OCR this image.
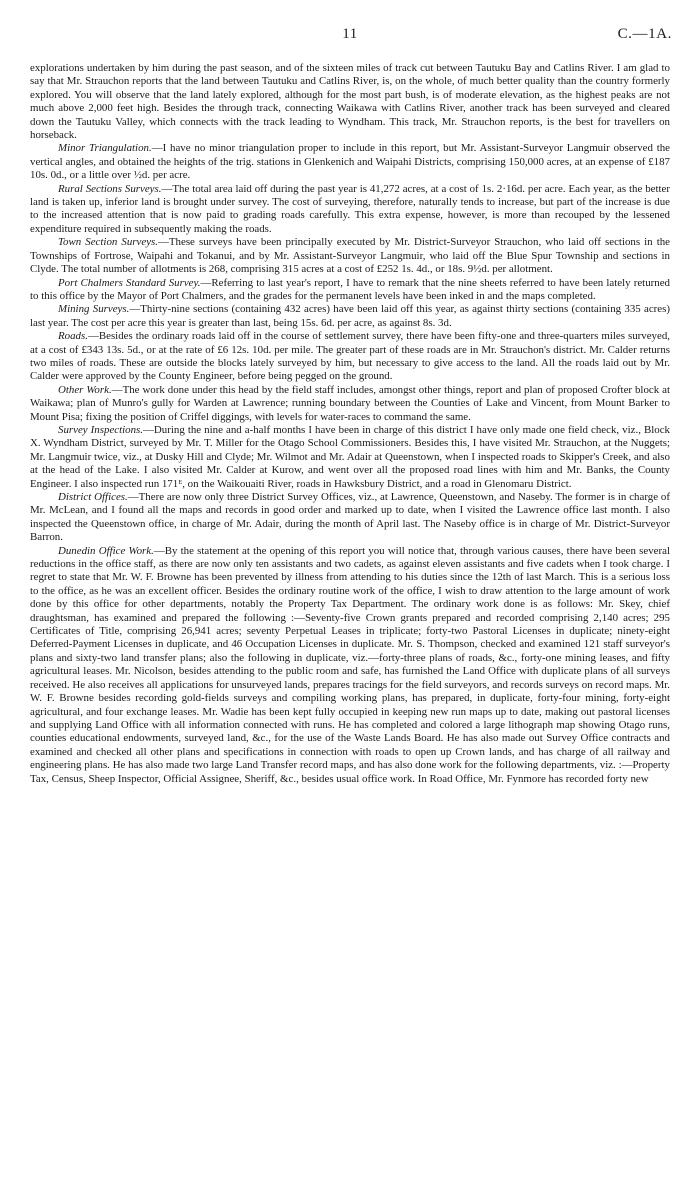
11	C.—1A.

explorations undertaken by him during the past season, and of the sixteen miles of track cut between Tautuku Bay and Catlins River. I am glad to say that Mr. Strauchon reports that the land between Tautuku and Catlins River, is, on the whole, of much better quality than the country formerly explored. You will observe that the land lately explored, although for the most part bush, is of moderate elevation, as the highest peaks are not much above 2,000 feet high. Besides the through track, connecting Waikawa with Catlins River, another track has been surveyed and cleared down the Tautuku Valley, which connects with the track leading to Wyndham. This track, Mr. Strauchon reports, is the best for travellers on horseback.

Minor Triangulation.—I have no minor triangulation proper to include in this report, but Mr. Assistant-Surveyor Langmuir observed the vertical angles, and obtained the heights of the trig. stations in Glenkenich and Waipahi Districts, comprising 150,000 acres, at an expense of £187 10s. 0d., or a little over ½d. per acre.

Rural Sections Surveys.—The total area laid off during the past year is 41,272 acres, at a cost of 1s. 2·16d. per acre. Each year, as the better land is taken up, inferior land is brought under survey. The cost of surveying, therefore, naturally tends to increase, but part of the increase is due to the increased attention that is now paid to grading roads carefully. This extra expense, however, is more than recouped by the lessened expenditure required in subsequently making the roads.

Town Section Surveys.—These surveys have been principally executed by Mr. District-Surveyor Strauchon, who laid off sections in the Townships of Fortrose, Waipahi and Tokanui, and by Mr. Assistant-Surveyor Langmuir, who laid off the Blue Spur Township and sections in Clyde. The total number of allotments is 268, comprising 315 acres at a cost of £252 1s. 4d., or 18s. 9½d. per allotment.

Port Chalmers Standard Survey.—Referring to last year's report, I have to remark that the nine sheets referred to have been lately returned to this office by the Mayor of Port Chalmers, and the grades for the permanent levels have been inked in and the maps completed.

Mining Surveys.—Thirty-nine sections (containing 432 acres) have been laid off this year, as against thirty sections (containing 335 acres) last year. The cost per acre this year is greater than last, being 15s. 6d. per acre, as against 8s. 3d.

Roads.—Besides the ordinary roads laid off in the course of settlement survey, there have been fifty-one and three-quarters miles surveyed, at a cost of £343 13s. 5d., or at the rate of £6 12s. 10d. per mile. The greater part of these roads are in Mr. Strauchon's district. Mr. Calder returns two miles of roads. These are outside the blocks lately surveyed by him, but necessary to give access to the land. All the roads laid out by Mr. Calder were approved by the County Engineer, before being pegged on the ground.

Other Work.—The work done under this head by the field staff includes, amongst other things, report and plan of proposed Crofter block at Waikawa; plan of Munro's gully for Warden at Lawrence; running boundary between the Counties of Lake and Vincent, from Mount Barker to Mount Pisa; fixing the position of Criffel diggings, with levels for water-races to command the same.

Survey Inspections.—During the nine and a-half months I have been in charge of this district I have only made one field check, viz., Block X. Wyndham District, surveyed by Mr. T. Miller for the Otago School Commissioners. Besides this, I have visited Mr. Strauchon, at the Nuggets; Mr. Langmuir twice, viz., at Dusky Hill and Clyde; Mr. Wilmot and Mr. Adair at Queenstown, when I inspected roads to Skipper's Creek, and also at the head of the Lake. I also visited Mr. Calder at Kurow, and went over all the proposed road lines with him and Mr. Banks, the County Engineer. I also inspected run 171ᴱ, on the Waikouaiti River, roads in Hawksbury District, and a road in Glenomaru District.

District Offices.—There are now only three District Survey Offices, viz., at Lawrence, Queenstown, and Naseby. The former is in charge of Mr. McLean, and I found all the maps and records in good order and marked up to date, when I visited the Lawrence office last month. I also inspected the Queenstown office, in charge of Mr. Adair, during the month of April last. The Naseby office is in charge of Mr. District-Surveyor Barron.

Dunedin Office Work.—By the statement at the opening of this report you will notice that, through various causes, there have been several reductions in the office staff, as there are now only ten assistants and two cadets, as against eleven assistants and five cadets when I took charge. I regret to state that Mr. W. F. Browne has been prevented by illness from attending to his duties since the 12th of last March. This is a serious loss to the office, as he was an excellent officer. Besides the ordinary routine work of the office, I wish to draw attention to the large amount of work done by this office for other departments, notably the Property Tax Department. The ordinary work done is as follows: Mr. Skey, chief draughtsman, has examined and prepared the following :—Seventy-five Crown grants prepared and recorded comprising 2,140 acres; 295 Certificates of Title, comprising 26,941 acres; seventy Perpetual Leases in triplicate; forty-two Pastoral Licenses in duplicate; ninety-eight Deferred-Payment Licenses in duplicate, and 46 Occupation Licenses in duplicate. Mr. S. Thompson, checked and examined 121 staff surveyor's plans and sixty-two land transfer plans; also the following in duplicate, viz.—forty-three plans of roads, &c., forty-one mining leases, and fifty agricultural leases. Mr. Nicolson, besides attending to the public room and safe, has furnished the Land Office with duplicate plans of all surveys received. He also receives all applications for unsurveyed lands, prepares tracings for the field surveyors, and records surveys on record maps. Mr. W. F. Browne besides recording gold-fields surveys and compiling working plans, has prepared, in duplicate, forty-four mining, forty-eight agricultural, and four exchange leases. Mr. Wadie has been kept fully occupied in keeping new run maps up to date, making out pastoral licenses and supplying Land Office with all information connected with runs. He has completed and colored a large lithograph map showing Otago runs, counties educational endowments, surveyed land, &c., for the use of the Waste Lands Board. He has also made out Survey Office contracts and examined and checked all other plans and specifications in connection with roads to open up Crown lands, and has charge of all railway and engineering plans. He has also made two large Land Transfer record maps, and has also done work for the following departments, viz. :—Property Tax, Census, Sheep Inspector, Official Assignee, Sheriff, &c., besides usual office work. In Road Office, Mr. Fynmore has recorded forty new
